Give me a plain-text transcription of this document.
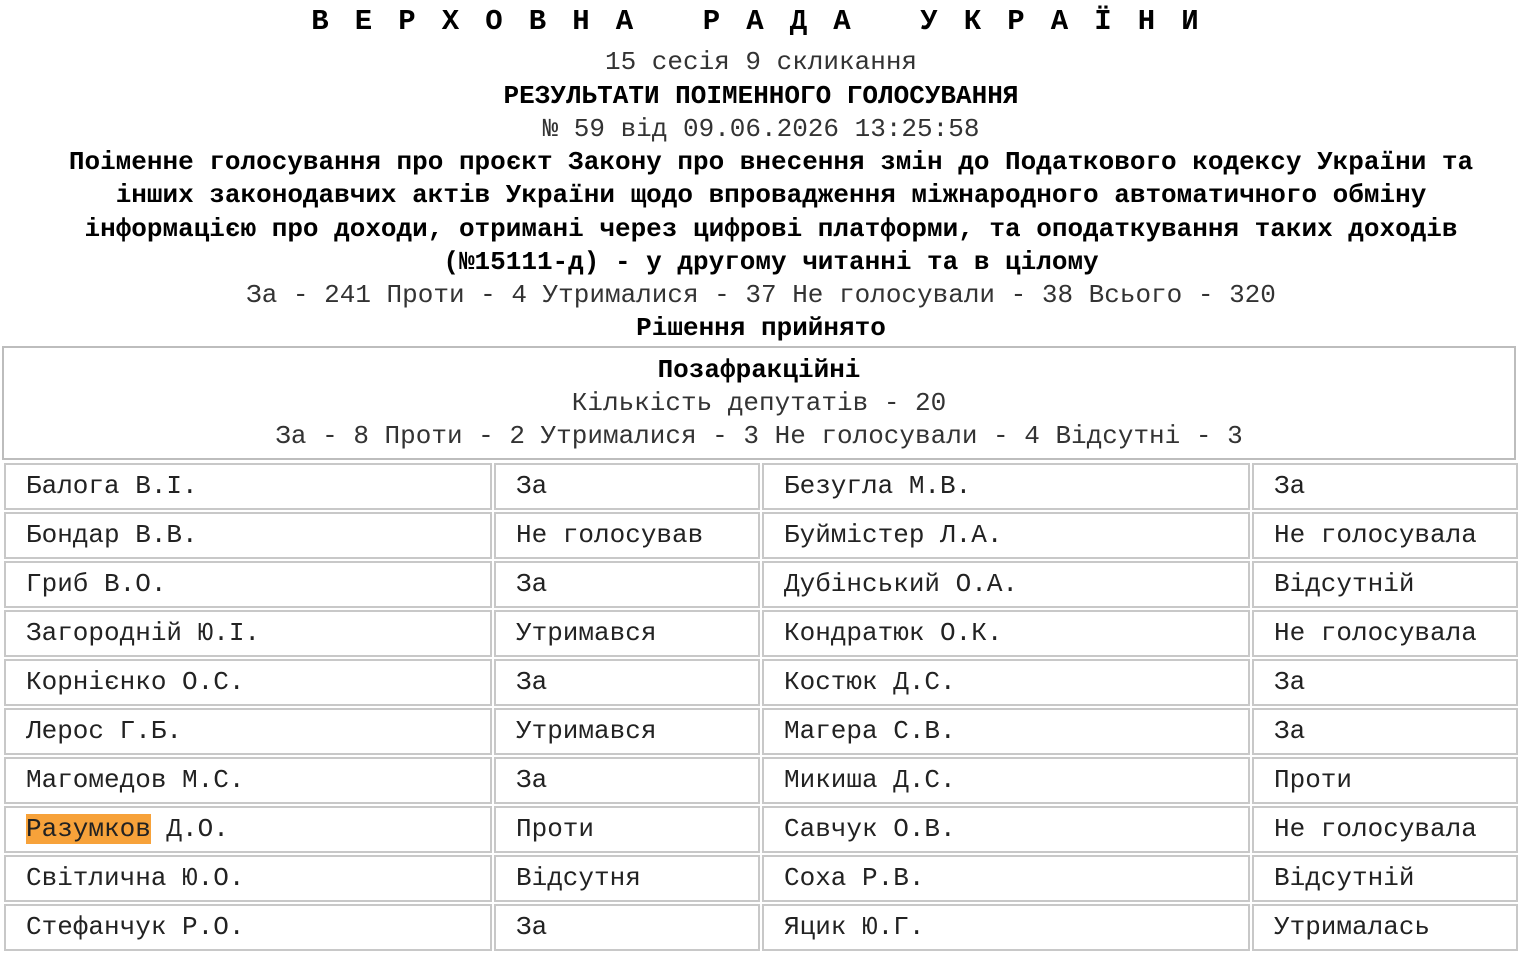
ВЕРХОВНА РАДА УКРАЇНИ
15 сесія 9 скликання
РЕЗУЛЬТАТИ ПОІМЕННОГО ГОЛОСУВАННЯ
№ 59 від 09.06.2026 13:25:58
Поіменне голосування про проєкт Закону про внесення змін до Податкового кодексу України та інших законодавчих актів України щодо впровадження міжнародного автоматичного обміну інформацією про доходи, отримані через цифрові платформи, та оподаткування таких доходів (№15111-д) - у другому читанні та в цілому
За - 241 Проти - 4 Утрималися - 37 Не голосували - 38 Всього - 320
Рішення прийнято
Позафракційні
Кількість депутатів - 20
За - 8 Проти - 2 Утрималися - 3 Не голосували - 4 Відсутні - 3
Балога В.І.	За	Безугла М.В.	За
Бондар В.В.	Не голосував	Буймістер Л.А.	Не голосувала
Гриб В.О.	За	Дубінський О.А.	Відсутній
Загородній Ю.І.	Утримався	Кондратюк О.К.	Не голосувала
Корнієнко О.С.	За	Костюк Д.С.	За
Лерос Г.Б.	Утримався	Магера С.В.	За
Магомедов М.С.	За	Микиша Д.С.	Проти
Разумков Д.О.	Проти	Савчук О.В.	Не голосувала
Світлична Ю.О.	Відсутня	Соха Р.В.	Відсутній
Стефанчук Р.О.	За	Яцик Ю.Г.	Утрималась
